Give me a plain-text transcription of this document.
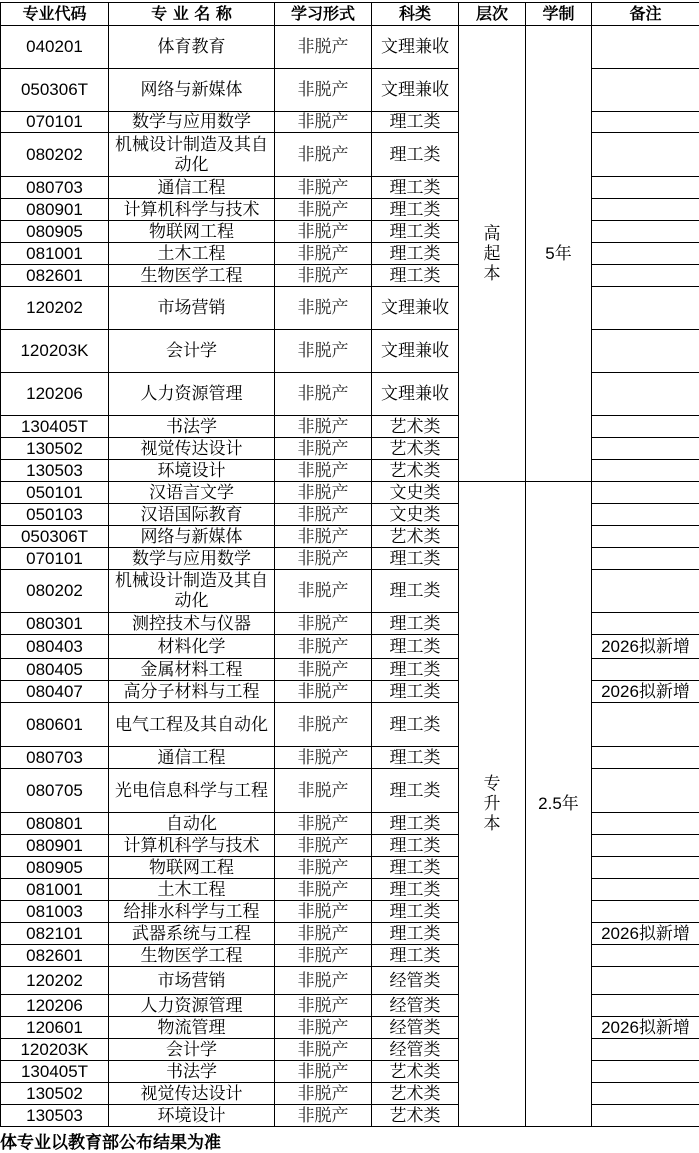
专业代码	专 业 名 称	学习形式	科类	层次	学制	备注
040201	体育教育	非脱产	文理兼收	高起本	5年	
050306T	网络与新媒体	非脱产	文理兼收			
070101	数学与应用数学	非脱产	理工类			
080202	机械设计制造及其自动化	非脱产	理工类			
080703	通信工程	非脱产	理工类			
080901	计算机科学与技术	非脱产	理工类			
080905	物联网工程	非脱产	理工类			
081001	土木工程	非脱产	理工类			
082601	生物医学工程	非脱产	理工类			
120202	市场营销	非脱产	文理兼收			
120203K	会计学	非脱产	文理兼收			
120206	人力资源管理	非脱产	文理兼收			
130405T	书法学	非脱产	艺术类			
130502	视觉传达设计	非脱产	艺术类			
130503	环境设计	非脱产	艺术类			
050101	汉语言文学	非脱产	文史类	专升本	2.5年	
050103	汉语国际教育	非脱产	文史类			
050306T	网络与新媒体	非脱产	艺术类			
070101	数学与应用数学	非脱产	理工类			
080202	机械设计制造及其自动化	非脱产	理工类			
080301	测控技术与仪器	非脱产	理工类			
080403	材料化学	非脱产	理工类			2026拟新增
080405	金属材料工程	非脱产	理工类			
080407	高分子材料与工程	非脱产	理工类			2026拟新增
080601	电气工程及其自动化	非脱产	理工类			
080703	通信工程	非脱产	理工类			
080705	光电信息科学与工程	非脱产	理工类			
080801	自动化	非脱产	理工类			
080901	计算机科学与技术	非脱产	理工类			
080905	物联网工程	非脱产	理工类			
081001	土木工程	非脱产	理工类			
081003	给排水科学与工程	非脱产	理工类			
082101	武器系统与工程	非脱产	理工类			2026拟新增
082601	生物医学工程	非脱产	理工类			
120202	市场营销	非脱产	经管类			
120206	人力资源管理	非脱产	经管类			
120601	物流管理	非脱产	经管类			2026拟新增
120203K	会计学	非脱产	经管类			
130405T	书法学	非脱产	艺术类			
130502	视觉传达设计	非脱产	艺术类			
130503	环境设计	非脱产	艺术类			
体专业以教育部公布结果为准
